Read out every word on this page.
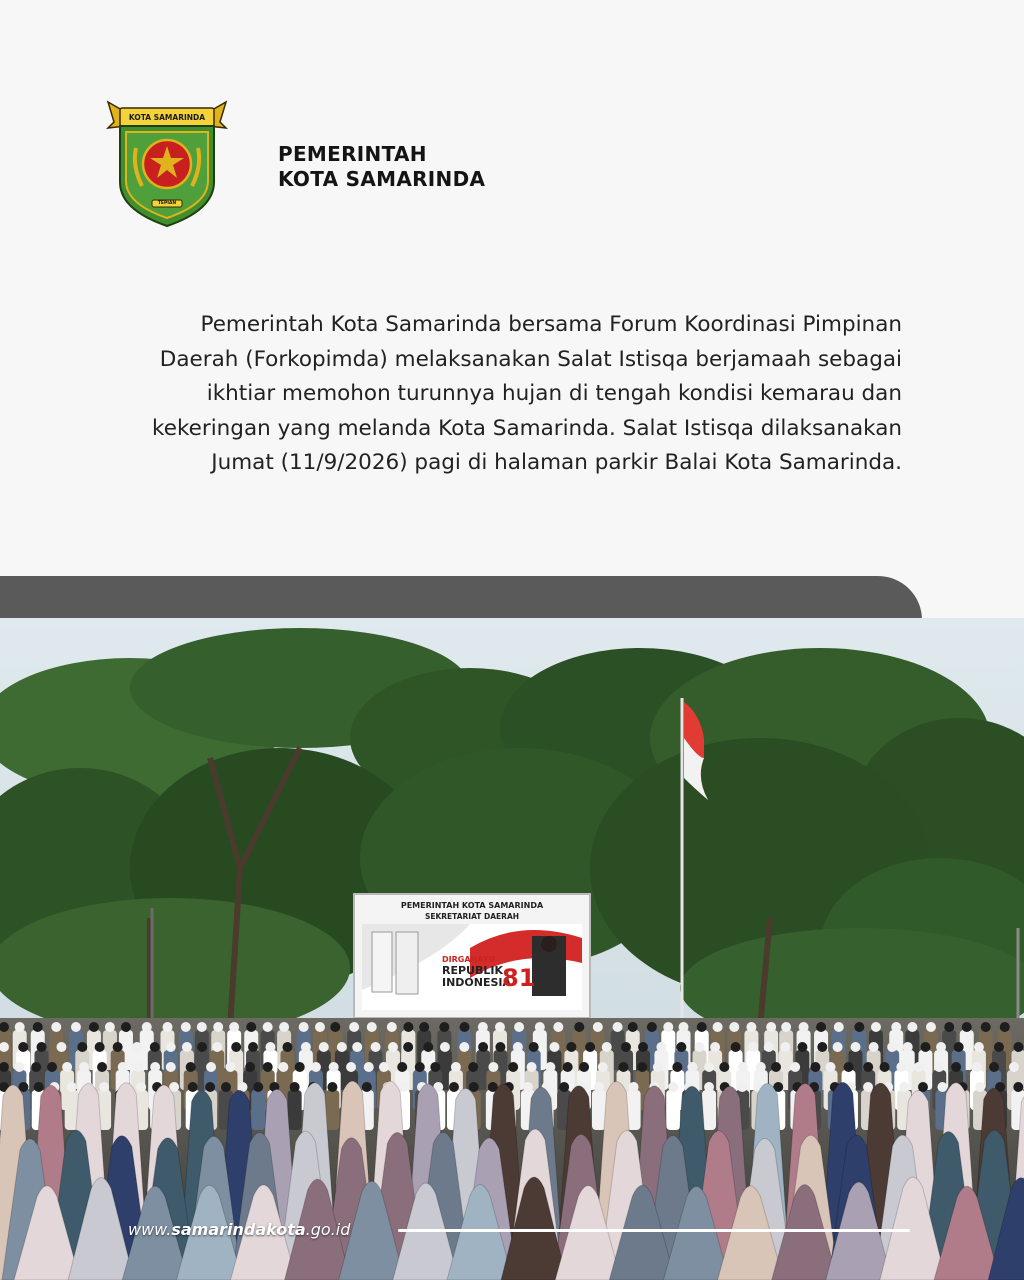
KOTA SAMARINDA
TEPIAN
PEMERINTAH
KOTA SAMARINDA
Pemerintah Kota Samarinda bersama Forum Koordinasi Pimpinan Daerah (Forkopimda) melaksanakan Salat Istisqa berjamaah sebagai ikhtiar memohon turunnya hujan di tengah kondisi kemarau dan kekeringan yang melanda Kota Samarinda. Salat Istisqa dilaksanakan Jumat (11/9/2026) pagi di halaman parkir Balai Kota Samarinda.
PEMERINTAH KOTA SAMARINDA
SEKRETARIAT DAERAH
DIRGAHAYU
REPUBLIK
INDONESIA
81
www.samarindakota.go.id
